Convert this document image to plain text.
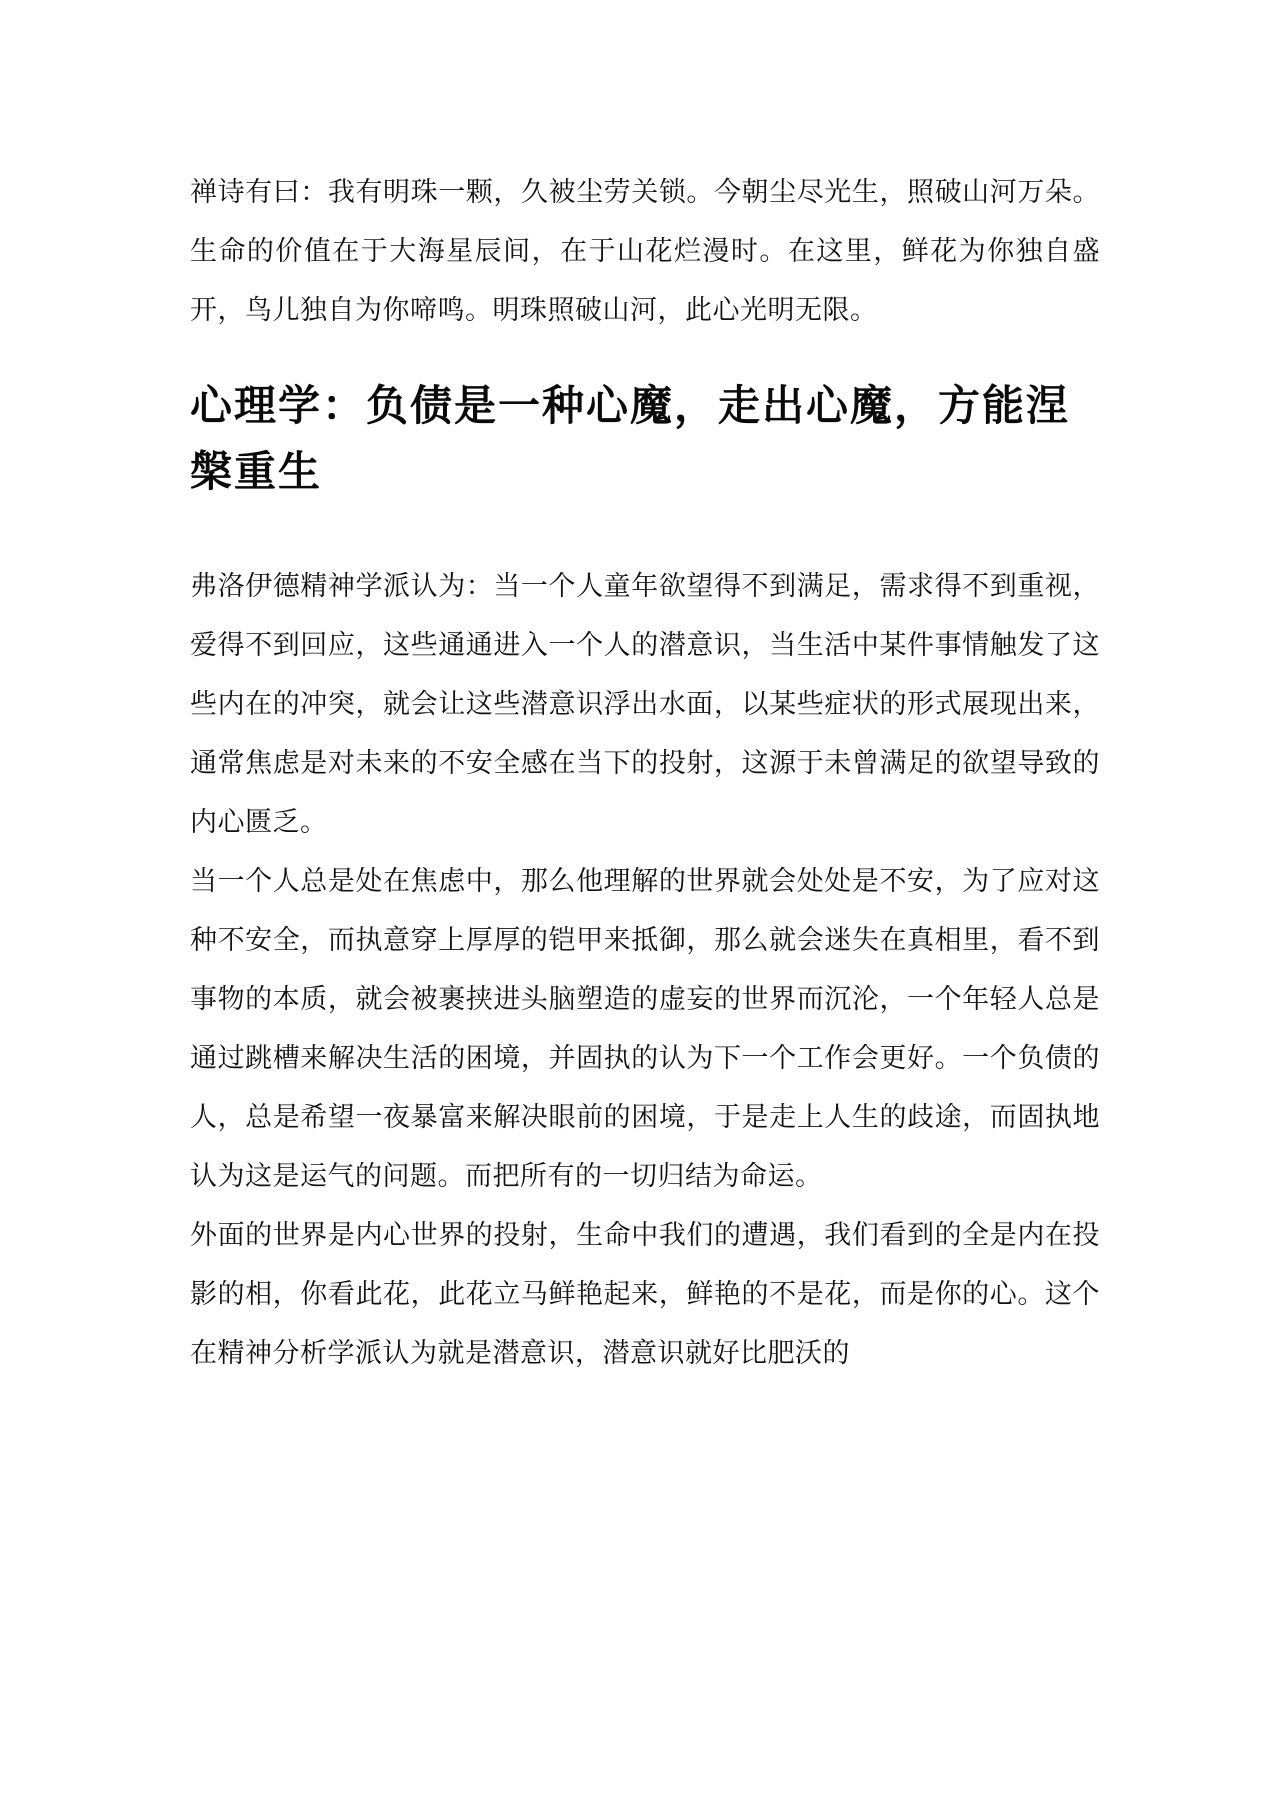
禅诗有曰：我有明珠一颗，久被尘劳关锁。今朝尘尽光生，照破山河万朵。生命的价值在于大海星辰间，在于山花烂漫时。在这里，鲜花为你独自盛开，鸟儿独自为你啼鸣。明珠照破山河，此心光明无限。

心理学：负债是一种心魔，走出心魔，方能涅槃重生

弗洛伊德精神学派认为：当一个人童年欲望得不到满足，需求得不到重视，爱得不到回应，这些通通进入一个人的潜意识，当生活中某件事情触发了这些内在的冲突，就会让这些潜意识浮出水面，以某些症状的形式展现出来，通常焦虑是对未来的不安全感在当下的投射，这源于未曾满足的欲望导致的内心匮乏。

当一个人总是处在焦虑中，那么他理解的世界就会处处是不安，为了应对这种不安全，而执意穿上厚厚的铠甲来抵御，那么就会迷失在真相里，看不到事物的本质，就会被裹挟进头脑塑造的虚妄的世界而沉沦，一个年轻人总是通过跳槽来解决生活的困境，并固执的认为下一个工作会更好。一个负债的人，总是希望一夜暴富来解决眼前的困境，于是走上人生的歧途，而固执地认为这是运气的问题。而把所有的一切归结为命运。

外面的世界是内心世界的投射，生命中我们的遭遇，我们看到的全是内在投影的相，你看此花，此花立马鲜艳起来，鲜艳的不是花，而是你的心。这个在精神分析学派认为就是潜意识，潜意识就好比肥沃的
